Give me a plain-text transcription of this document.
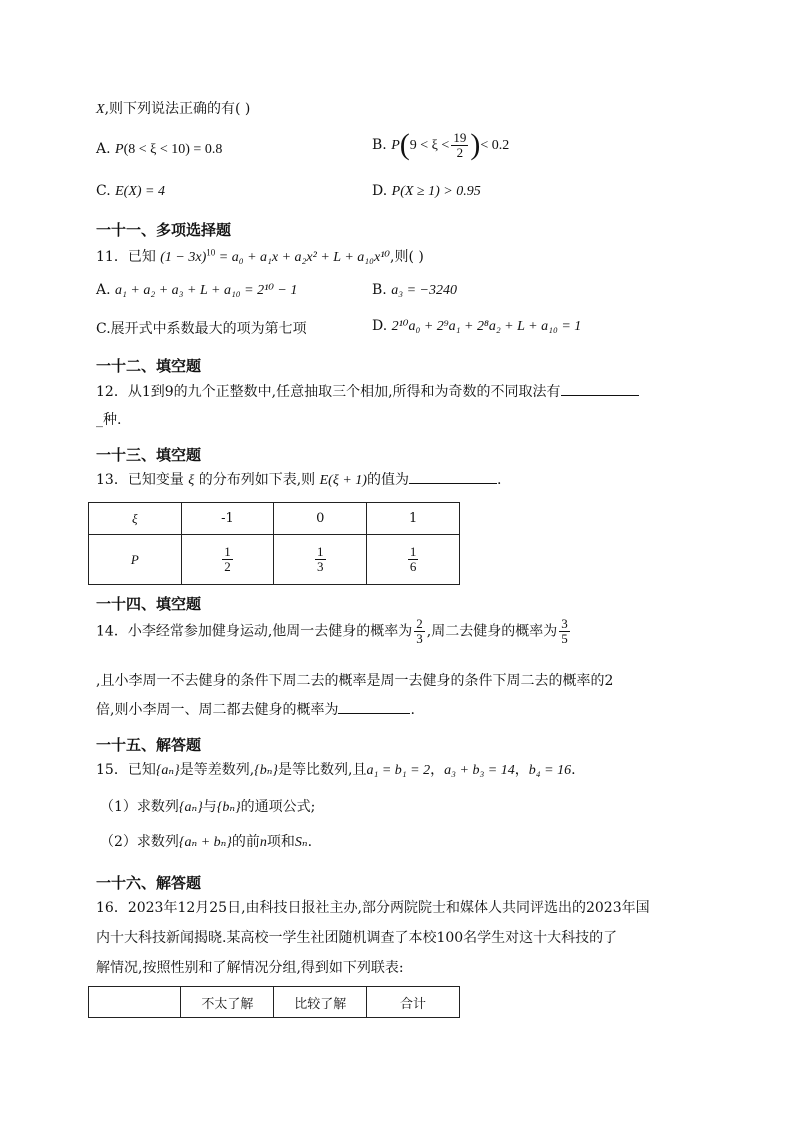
X,则下列说法正确的有( )
A. P(8 < ξ < 10) = 0.8	B. $P(9 < \xi < \frac{19}{2}$ )< 0.2
C. E(X) = 4	D. P(X ≥ 1) > 0.95
一十一、多项选择题
11．已知 $(1 - 3x)^{10} = a_0 + a_1x + a_2x^2 + L + a_{10}x^{10}$,则( )
A. a₁ + a₂ + a₃ + L + a₁₀ = 2¹⁰ − 1	B. a₃ = −3240
C.展开式中系数最大的项为第七项	D. 2¹⁰a₀ + 2⁹a₁ + 2⁸a₂ + L + a₁₀ = 1
一十二、填空题
12．从1到9的九个正整数中,任意抽取三个相加,所得和为奇数的不同取法有
_种.
一十三、填空题
13．已知变量 ξ 的分布列如下表,则 E(ξ + 1)的值为	.
ξ	-1	0	1
P	$\frac{1}{2}$	$\frac{1}{3}$	$\frac{1}{6}$
一十四、填空题
14．小李经常参加健身运动,他周一去健身的概率为 $\frac{2}{3}$ ,周二去健身的概率为 $\frac{3}{5}$
,且小李周一不去健身的条件下周二去的概率是周一去健身的条件下周二去的概率的2
倍,则小李周一、周二都去健身的概率为	.
一十五、解答题
15．已知{aₙ}是等差数列,{bₙ}是等比数列,且a₁ = b₁ = 2，a₃ + b₃ = 14，b₄ = 16.
（1）求数列{aₙ}与{bₙ}的通项公式;
（2）求数列{aₙ + bₙ}的前n项和Sₙ.
一十六、解答题
16．2023年12月25日,由科技日报社主办,部分两院院士和媒体人共同评选出的2023年国
内十大科技新闻揭晓.某高校一学生社团随机调查了本校100名学生对这十大科技的了
解情况,按照性别和了解情况分组,得到如下列联表:
	不太了解	比较了解	合计
